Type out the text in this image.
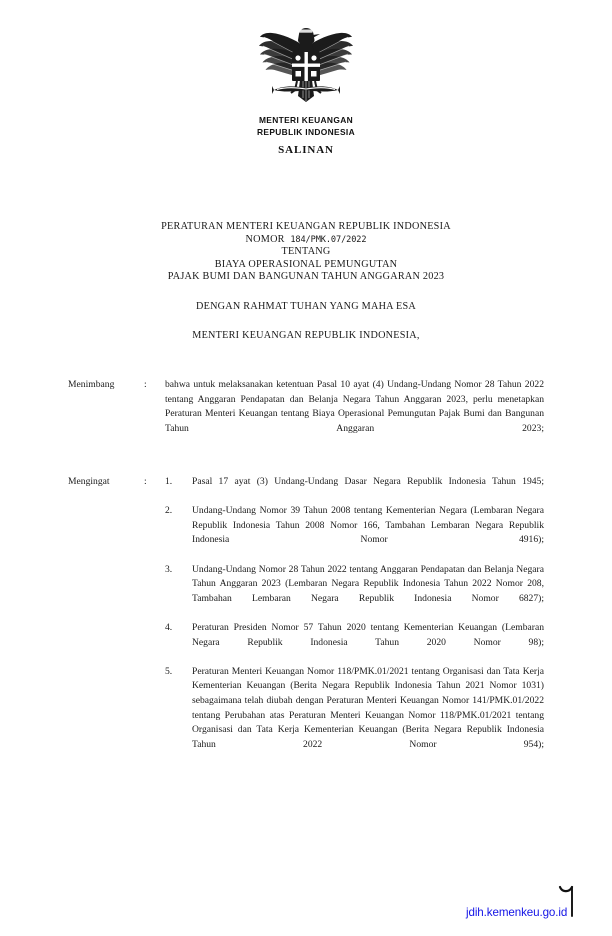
MENTERI KEUANGAN
REPUBLIK INDONESIA
SALINAN
PERATURAN MENTERI KEUANGAN REPUBLIK INDONESIA
NOMOR 184/PMK.07/2022
TENTANG
BIAYA OPERASIONAL PEMUNGUTAN
PAJAK BUMI DAN BANGUNAN TAHUN ANGGARAN 2023
DENGAN RAHMAT TUHAN YANG MAHA ESA
MENTERI KEUANGAN REPUBLIK INDONESIA,
Menimbang	:	bahwa untuk melaksanakan ketentuan Pasal 10 ayat (4) Undang-Undang Nomor 28 Tahun 2022 tentang Anggaran Pendapatan dan Belanja Negara Tahun Anggaran 2023, perlu menetapkan Peraturan Menteri Keuangan tentang Biaya Operasional Pemungutan Pajak Bumi dan Bangunan Tahun Anggaran 2023;

Mengingat	:	1.	Pasal 17 ayat (3) Undang-Undang Dasar Negara Republik Indonesia Tahun 1945;
2.	Undang-Undang Nomor 39 Tahun 2008 tentang Kementerian Negara (Lembaran Negara Republik Indonesia Tahun 2008 Nomor 166, Tambahan Lembaran Negara Republik Indonesia Nomor 4916);
3.	Undang-Undang Nomor 28 Tahun 2022 tentang Anggaran Pendapatan dan Belanja Negara Tahun Anggaran 2023 (Lembaran Negara Republik Indonesia Tahun 2022 Nomor 208, Tambahan Lembaran Negara Republik Indonesia Nomor 6827);
4.	Peraturan Presiden Nomor 57 Tahun 2020 tentang Kementerian Keuangan (Lembaran Negara Republik Indonesia Tahun 2020 Nomor 98);
5.	Peraturan Menteri Keuangan Nomor 118/PMK.01/2021 tentang Organisasi dan Tata Kerja Kementerian Keuangan (Berita Negara Republik Indonesia Tahun 2021 Nomor 1031) sebagaimana telah diubah dengan Peraturan Menteri Keuangan Nomor 141/PMK.01/2022 tentang Perubahan atas Peraturan Menteri Keuangan Nomor 118/PMK.01/2021 tentang Organisasi dan Tata Kerja Kementerian Keuangan (Berita Negara Republik Indonesia Tahun 2022 Nomor 954);
jdih.kemenkeu.go.id
